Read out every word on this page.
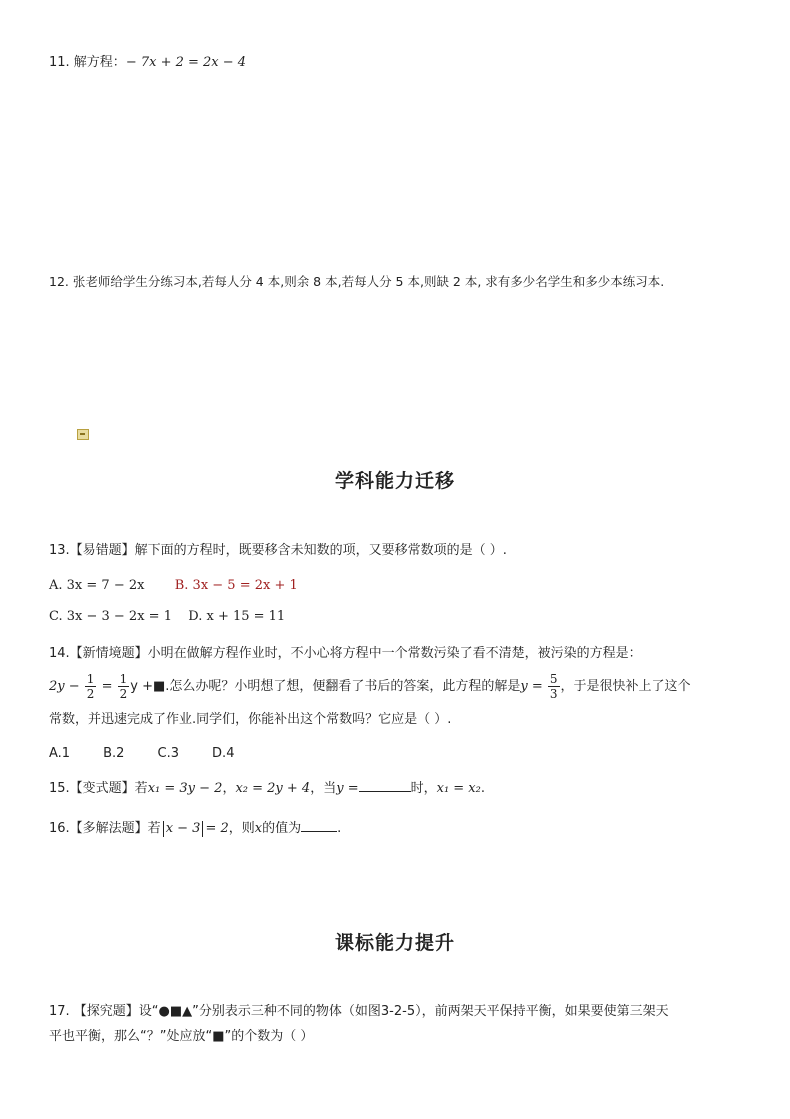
11. 解方程：− 7x + 2 = 2x − 4
12. 张老师给学生分练习本,若每人分 4 本,则余 8 本,若每人分 5 本,则缺 2 本, 求有多少名学生和多少本练习本.
学科能力迁移
13.【易错题】解下面的方程时，既要移含未知数的项，又要移常数项的是（ ）.
A. 3x = 7 − 2x B. 3x − 5 = 2x + 1
C. 3x − 3 − 2x = 1 D. x + 15 = 11
14.【新情境题】小明在做解方程作业时，不小心将方程中一个常数污染了看不清楚，被污染的方程是：
$2y - \frac{1}{2} = \frac{1}{2}$ y +■.怎么办呢？小明想了想，便翻看了书后的答案，此方程的解是$y = \frac{5}{3}$ ，于是很快补上了这个
常数，并迅速完成了作业.同学们，你能补出这个常数吗？它应是（ ）.
A.1        B.2        C.3        D.4
15.【变式题】若x₁ = 3y − 2，x₂ = 2y + 4，当y =	时，x₁ = x₂.
16.【多解法题】若 x − 3 = 2，则x的值为	.
课标能力提升
17. 【探究题】设“●■▲”分别表示三种不同的物体（如图3-2-5），前两架天平保持平衡，如果要使第三架天
平也平衡，那么“？”处应放“■”的个数为（ ）
